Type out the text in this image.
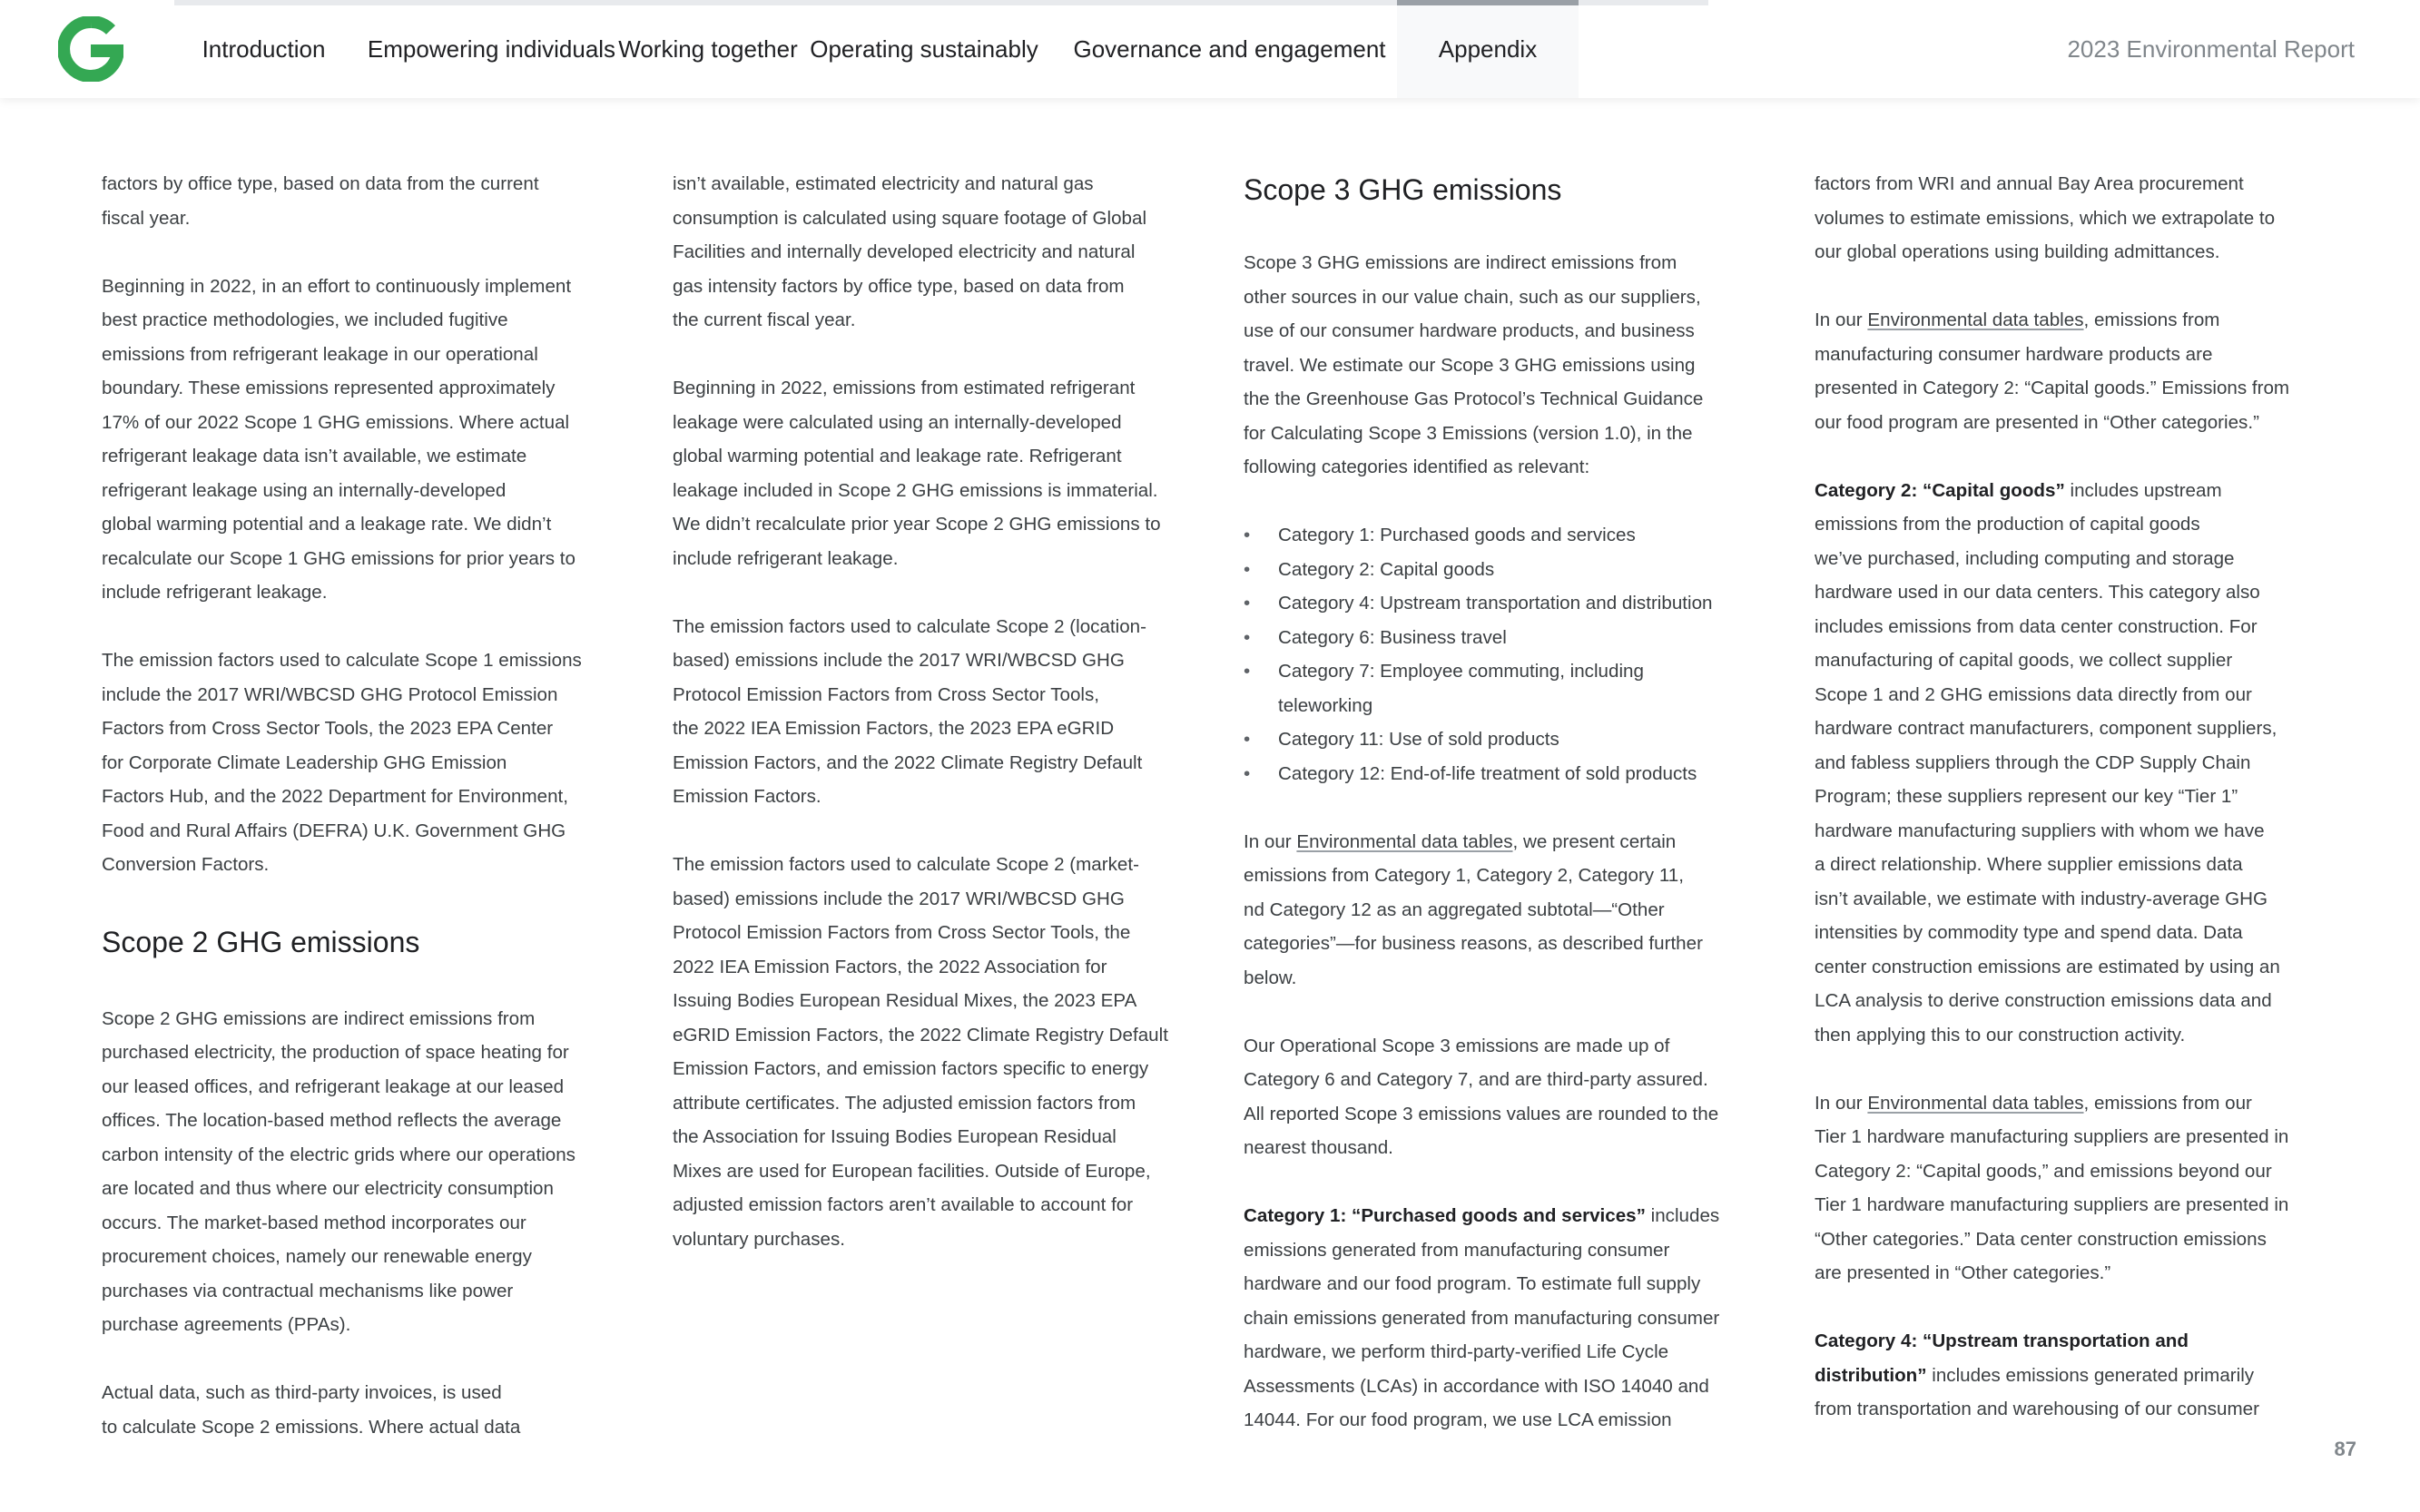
Introduction	Empowering individuals Working together Operating sustainably	Governance and engagement	Appendix	2023 Environmental Report

factors by office type, based on data from the current

fiscal year.

Beginning in 2022, in an effort to continuously implement

best practice methodologies, we included fugitive

emissions from refrigerant leakage in our operational

boundary. These emissions represented approximately

17% of our 2022 Scope 1 GHG emissions. Where actual

refrigerant leakage data isn’t available, we estimate

refrigerant leakage using an internally-developed

global warming potential and a leakage rate. We didn’t

recalculate our Scope 1 GHG emissions for prior years to

include refrigerant leakage.

The emission factors used to calculate Scope 1 emissions

include the 2017 WRI/WBCSD GHG Protocol Emission

Factors from Cross Sector Tools, the 2023 EPA Center

for Corporate Climate Leadership GHG Emission

Factors Hub, and the 2022 Department for Environment,

Food and Rural Affairs (DEFRA) U.K. Government GHG

Conversion Factors.

Scope 2 GHG emissions

Scope 2 GHG emissions are indirect emissions from

purchased electricity, the production of space heating for

our leased offices, and refrigerant leakage at our leased

offices. The location-based method reflects the average

carbon intensity of the electric grids where our operations

are located and thus where our electricity consumption

occurs. The market-based method incorporates our

procurement choices, namely our renewable energy

purchases via contractual mechanisms like power

purchase agreements (PPAs).

Actual data, such as third-party invoices, is used

to calculate Scope 2 emissions. Where actual data

isn’t available, estimated electricity and natural gas

consumption is calculated using square footage of Global

Facilities and internally developed electricity and natural

gas intensity factors by office type, based on data from

the current fiscal year.

Beginning in 2022, emissions from estimated refrigerant

leakage were calculated using an internally-developed

global warming potential and leakage rate. Refrigerant

leakage included in Scope 2 GHG emissions is immaterial.

We didn’t recalculate prior year Scope 2 GHG emissions to

include refrigerant leakage.

The emission factors used to calculate Scope 2 (location-

based) emissions include the 2017 WRI/WBCSD GHG

Protocol Emission Factors from Cross Sector Tools,

the 2022 IEA Emission Factors, the 2023 EPA eGRID

Emission Factors, and the 2022 Climate Registry Default

Emission Factors.

The emission factors used to calculate Scope 2 (market-

based) emissions include the 2017 WRI/WBCSD GHG

Protocol Emission Factors from Cross Sector Tools, the

2022 IEA Emission Factors, the 2022 Association for

Issuing Bodies European Residual Mixes, the 2023 EPA

eGRID Emission Factors, the 2022 Climate Registry Default

Emission Factors, and emission factors specific to energy

attribute certificates. The adjusted emission factors from

the Association for Issuing Bodies European Residual

Mixes are used for European facilities. Outside of Europe,

adjusted emission factors aren’t available to account for

voluntary purchases.

Scope 3 GHG emissions

Scope 3 GHG emissions are indirect emissions from

other sources in our value chain, such as our suppliers,

use of our consumer hardware products, and business

travel. We estimate our Scope 3 GHG emissions using

the the Greenhouse Gas Protocol’s Technical Guidance

for Calculating Scope 3 Emissions (version 1.0), in the

following categories identified as relevant:

• Category 1: Purchased goods and services
• Category 2: Capital goods
• Category 4: Upstream transportation and distribution
• Category 6: Business travel
• Category 7: Employee commuting, including
teleworking
• Category 11: Use of sold products
• Category 12: End-of-life treatment of sold products

In our Environmental data tables, we present certain

emissions from Category 1, Category 2, Category 11,

nd Category 12 as an aggregated subtotal—“Other

categories”—for business reasons, as described further

below.

Our Operational Scope 3 emissions are made up of

Category 6 and Category 7, and are third-party assured.

All reported Scope 3 emissions values are rounded to the

nearest thousand.

Category 1: “Purchased goods and services” includes

emissions generated from manufacturing consumer

hardware and our food program. To estimate full supply

chain emissions generated from manufacturing consumer

hardware, we perform third-party-verified Life Cycle

Assessments (LCAs) in accordance with ISO 14040 and

14044. For our food program, we use LCA emission

factors from WRI and annual Bay Area procurement

volumes to estimate emissions, which we extrapolate to

our global operations using building admittances.

In our Environmental data tables, emissions from

manufacturing consumer hardware products are

presented in Category 2: “Capital goods.” Emissions from

our food program are presented in “Other categories.”

Category 2: “Capital goods” includes upstream

emissions from the production of capital goods

we’ve purchased, including computing and storage

hardware used in our data centers. This category also

includes emissions from data center construction. For

manufacturing of capital goods, we collect supplier

Scope 1 and 2 GHG emissions data directly from our

hardware contract manufacturers, component suppliers,

and fabless suppliers through the CDP Supply Chain

Program; these suppliers represent our key “Tier 1”

hardware manufacturing suppliers with whom we have

a direct relationship. Where supplier emissions data

isn’t available, we estimate with industry-average GHG

intensities by commodity type and spend data. Data

center construction emissions are estimated by using an

LCA analysis to derive construction emissions data and

then applying this to our construction activity.

In our Environmental data tables, emissions from our

Tier 1 hardware manufacturing suppliers are presented in

Category 2: “Capital goods,” and emissions beyond our

Tier 1 hardware manufacturing suppliers are presented in

“Other categories.” Data center construction emissions

are presented in “Other categories.”

Category 4: “Upstream transportation and

distribution” includes emissions generated primarily

from transportation and warehousing of our consumer

87
